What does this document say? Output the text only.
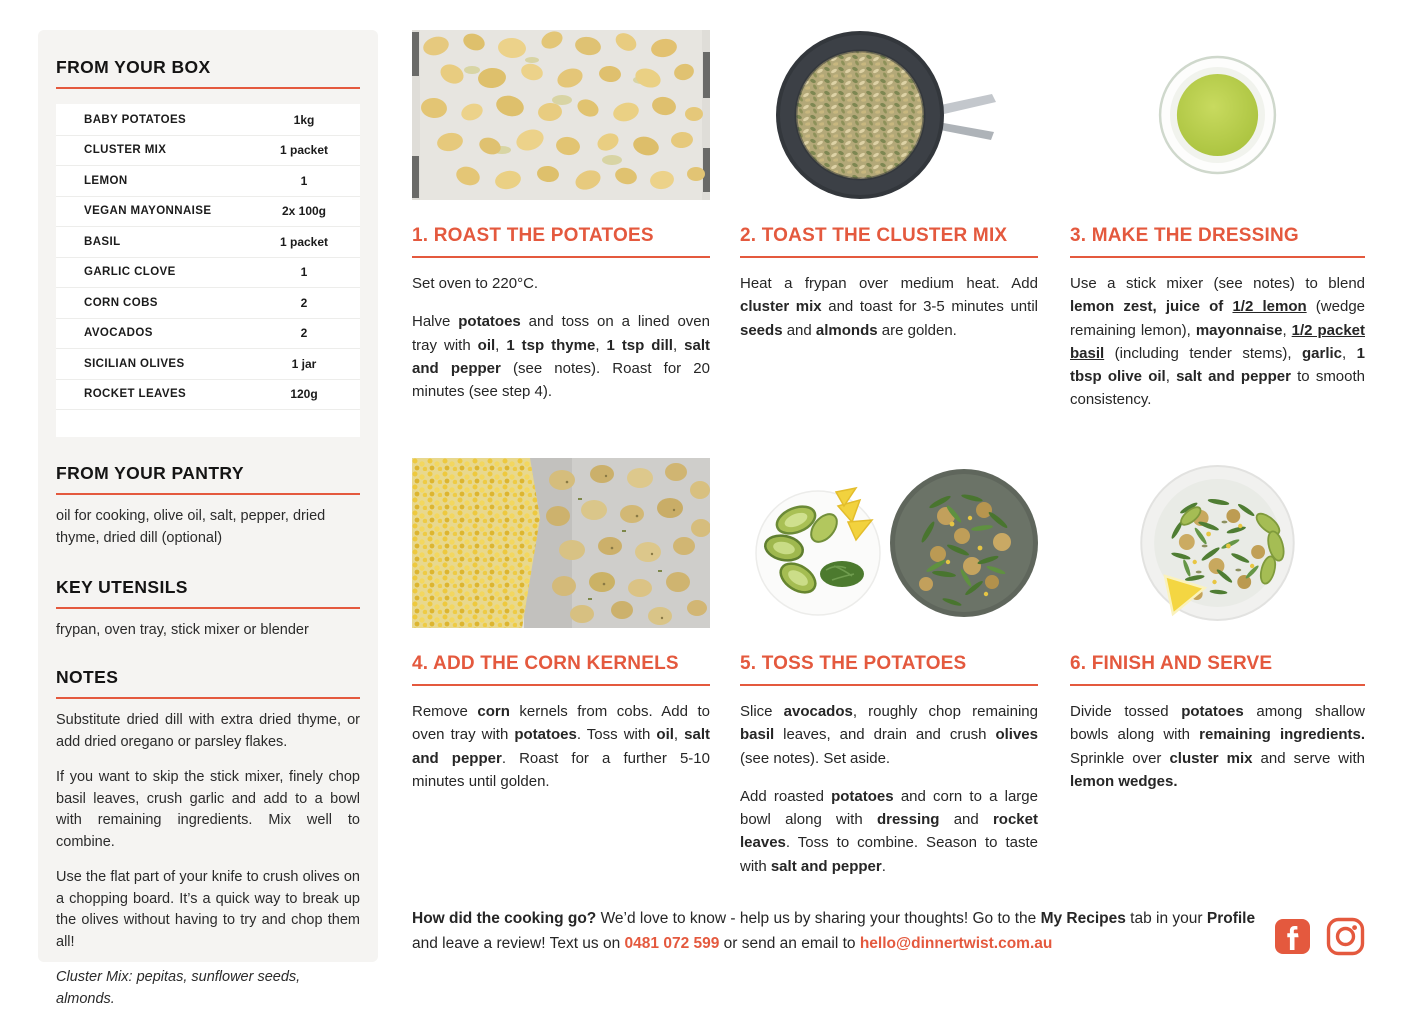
FROM YOUR BOX
BABY POTATOES	1kg
CLUSTER MIX	1 packet
LEMON	1
VEGAN MAYONNAISE	2x 100g
BASIL	1 packet
GARLIC CLOVE	1
CORN COBS	2
AVOCADOS	2
SICILIAN OLIVES	1 jar
ROCKET LEAVES	120g
FROM YOUR PANTRY
oil for cooking, olive oil, salt, pepper, dried thyme, dried dill (optional)
KEY UTENSILS
frypan, oven tray, stick mixer or blender
NOTES

Substitute dried dill with extra dried thyme, or add dried oregano or parsley flakes.

If you want to skip the stick mixer, finely chop basil leaves, crush garlic and add to a bowl with remaining ingredients. Mix well to combine.

Use the flat part of your knife to crush olives on a chopping board. It’s a quick way to break up the olives without having to try and chop them all!

Cluster Mix: pepitas, sunflower seeds, almonds.

1. ROAST THE POTATOES

Set oven to 220°C.

Halve potatoes and toss on a lined oven tray with oil, 1 tsp thyme, 1 tsp dill, salt and pepper (see notes). Roast for 20 minutes (see step 4).

2. TOAST THE CLUSTER MIX

Heat a frypan over medium heat. Add cluster mix and toast for 3-5 minutes until seeds and almonds are golden.

3. MAKE THE DRESSING

Use a stick mixer (see notes) to blend lemon zest, juice of 1/2 lemon (wedge remaining lemon), mayonnaise, 1/2 packet basil (including tender stems), garlic, 1 tbsp olive oil, salt and pepper to smooth consistency.

4. ADD THE CORN KERNELS

Remove corn kernels from cobs. Add to oven tray with potatoes. Toss with oil, salt and pepper. Roast for a further 5-10 minutes until golden.

5. TOSS THE POTATOES

Slice avocados, roughly chop remaining basil leaves, and drain and crush olives (see notes). Set aside.

Add roasted potatoes and corn to a large bowl along with dressing and rocket leaves. Toss to combine. Season to taste with salt and pepper.

6. FINISH AND SERVE

Divide tossed potatoes among shallow bowls along with remaining ingredients. Sprinkle over cluster mix and serve with lemon wedges.

How did the cooking go? We’d love to know - help us by sharing your thoughts! Go to the My Recipes tab in your Profile and leave a review! Text us on 0481 072 599 or send an email to hello@dinnertwist.com.au
